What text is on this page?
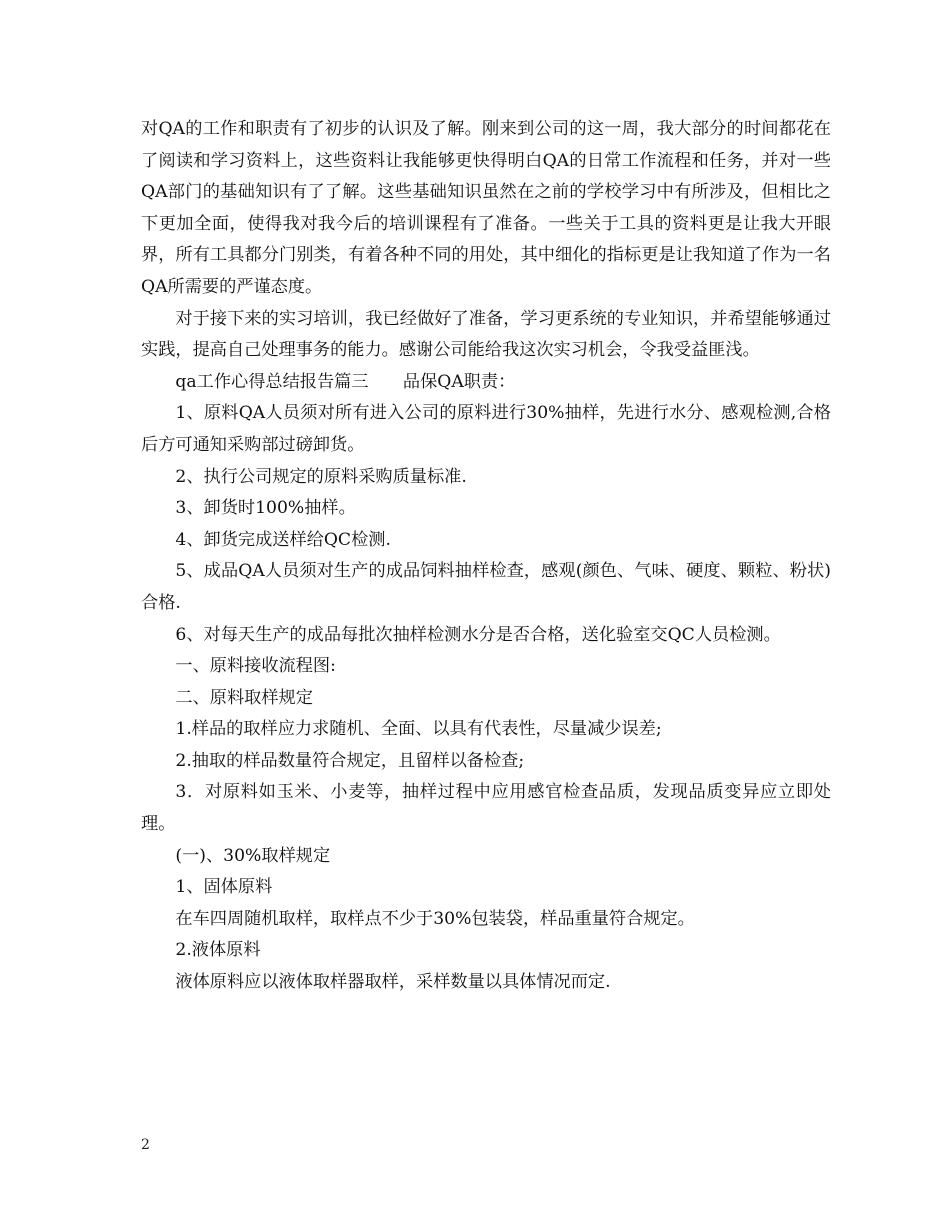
对QA的工作和职责有了初步的认识及了解。刚来到公司的这一周，我大部分的时间都花在了阅读和学习资料上，这些资料让我能够更快得明白QA的日常工作流程和任务，并对一些QA部门的基础知识有了了解。这些基础知识虽然在之前的学校学习中有所涉及，但相比之下更加全面，使得我对我今后的培训课程有了准备。一些关于工具的资料更是让我大开眼界，所有工具都分门别类，有着各种不同的用处，其中细化的指标更是让我知道了作为一名QA所需要的严谨态度。

对于接下来的实习培训，我已经做好了准备，学习更系统的专业知识，并希望能够通过实践，提高自己处理事务的能力。感谢公司能给我这次实习机会，令我受益匪浅。

qa工作心得总结报告篇三　　品保QA职责：

1、原料QA人员须对所有进入公司的原料进行30%抽样，先进行水分、感观检测,合格后方可通知采购部过磅卸货。

2、执行公司规定的原料采购质量标准.

3、卸货时100%抽样。

4、卸货完成送样给QC检测.

5、成品QA人员须对生产的成品饲料抽样检查，感观(颜色、气味、硬度、颗粒、粉状)合格.

6、对每天生产的成品每批次抽样检测水分是否合格，送化验室交QC人员检测。

一、原料接收流程图:

二、原料取样规定

1.样品的取样应力求随机、全面、以具有代表性，尽量减少误差;

2.抽取的样品数量符合规定，且留样以备检查;

3．对原料如玉米、小麦等，抽样过程中应用感官检查品质，发现品质变异应立即处理。

(一)、30%取样规定

1、固体原料

在车四周随机取样，取样点不少于30%包装袋，样品重量符合规定。

2.液体原料

液体原料应以液体取样器取样，采样数量以具体情况而定.

2
